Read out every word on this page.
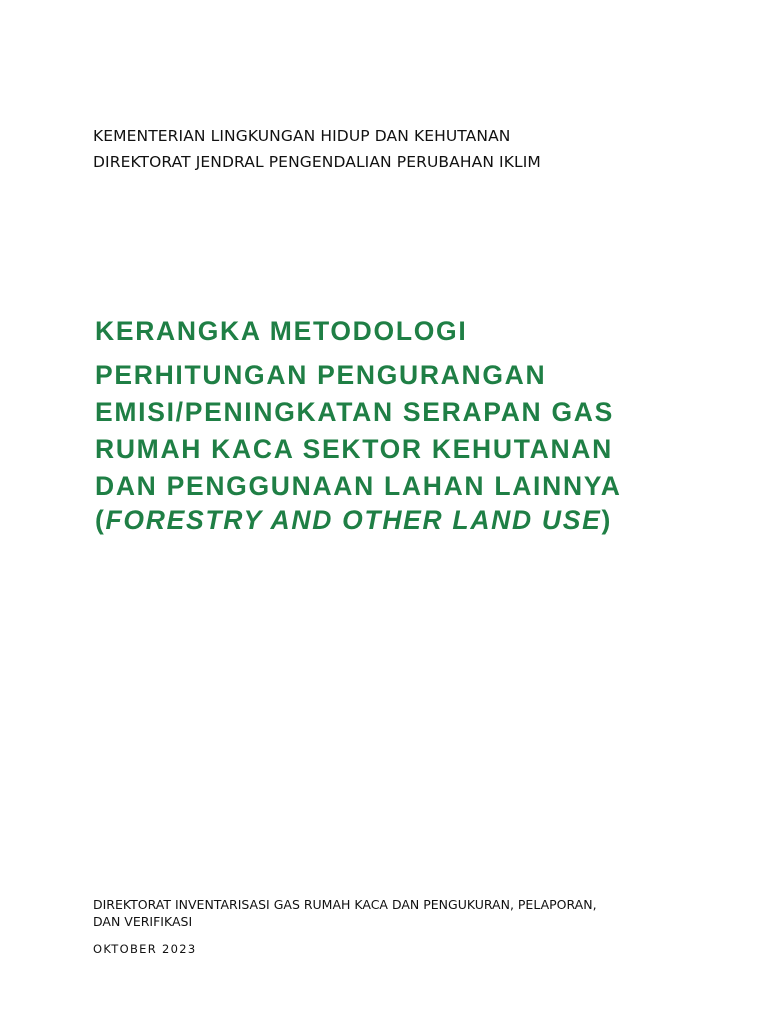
KEMENTERIAN LINGKUNGAN HIDUP DAN KEHUTANAN
DIREKTORAT JENDRAL PENGENDALIAN PERUBAHAN IKLIM
KERANGKA METODOLOGI
PERHITUNGAN PENGURANGAN
EMISI/PENINGKATAN SERAPAN GAS
RUMAH KACA SEKTOR KEHUTANAN
DAN PENGGUNAAN LAHAN LAINNYA
(FORESTRY AND OTHER LAND USE)
DIREKTORAT INVENTARISASI GAS RUMAH KACA DAN PENGUKURAN, PELAPORAN,
DAN VERIFIKASI
OKTOBER 2023
